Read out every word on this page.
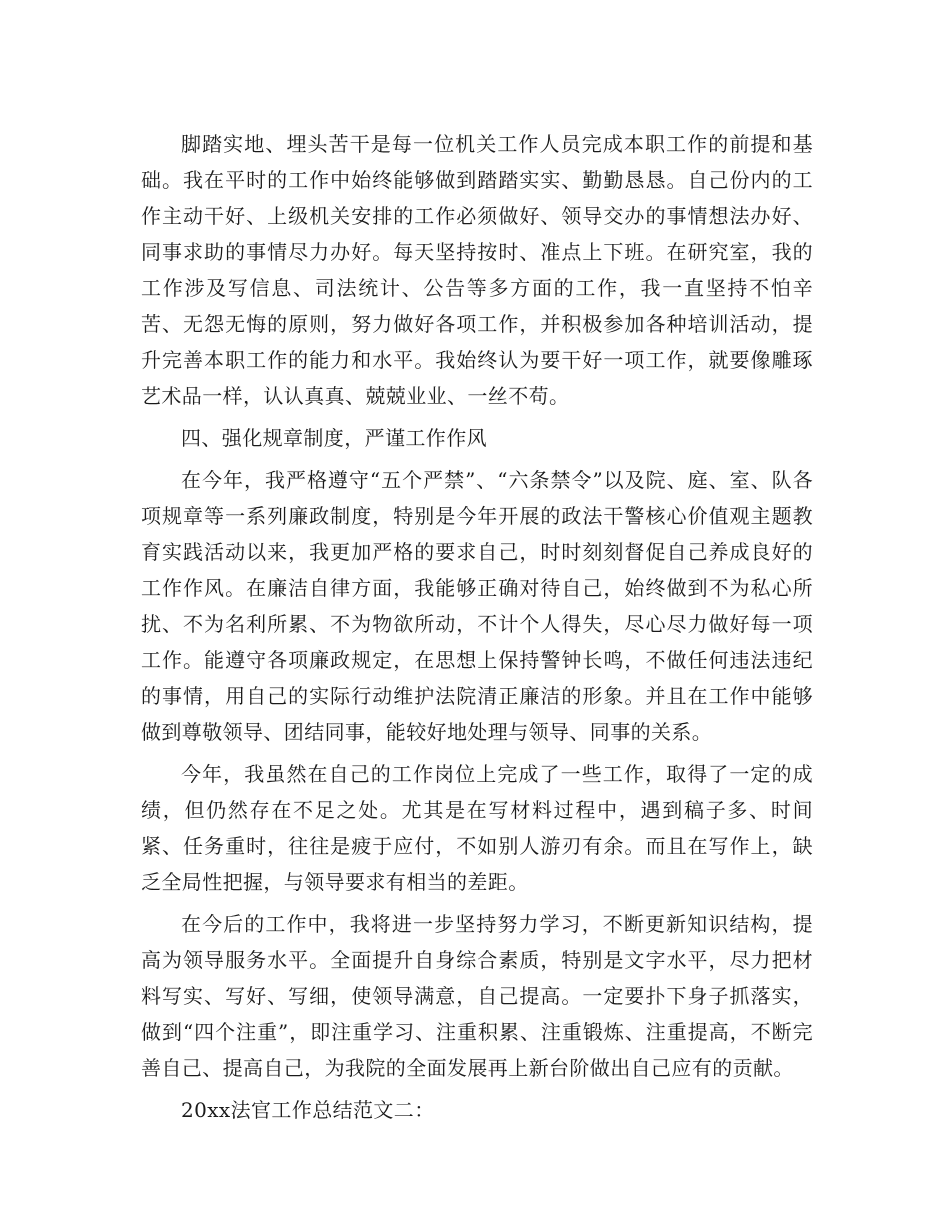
脚踏实地、埋头苦干是每一位机关工作人员完成本职工作的前提和基础。我在平时的工作中始终能够做到踏踏实实、勤勤恳恳。自己份内的工作主动干好、上级机关安排的工作必须做好、领导交办的事情想法办好、同事求助的事情尽力办好。每天坚持按时、准点上下班。在研究室，我的工作涉及写信息、司法统计、公告等多方面的工作，我一直坚持不怕辛苦、无怨无悔的原则，努力做好各项工作，并积极参加各种培训活动，提升完善本职工作的能力和水平。我始终认为要干好一项工作，就要像雕琢艺术品一样，认认真真、兢兢业业、一丝不苟。

四、强化规章制度，严谨工作作风

在今年，我严格遵守“五个严禁”、“六条禁令”以及院、庭、室、队各项规章等一系列廉政制度，特别是今年开展的政法干警核心价值观主题教育实践活动以来，我更加严格的要求自己，时时刻刻督促自己养成良好的工作作风。在廉洁自律方面，我能够正确对待自己，始终做到不为私心所扰、不为名利所累、不为物欲所动，不计个人得失，尽心尽力做好每一项工作。能遵守各项廉政规定，在思想上保持警钟长鸣，不做任何违法违纪的事情，用自己的实际行动维护法院清正廉洁的形象。并且在工作中能够做到尊敬领导、团结同事，能较好地处理与领导、同事的关系。

今年，我虽然在自己的工作岗位上完成了一些工作，取得了一定的成绩，但仍然存在不足之处。尤其是在写材料过程中，遇到稿子多、时间紧、任务重时，往往是疲于应付，不如别人游刃有余。而且在写作上，缺乏全局性把握，与领导要求有相当的差距。

在今后的工作中，我将进一步坚持努力学习，不断更新知识结构，提高为领导服务水平。全面提升自身综合素质，特别是文字水平，尽力把材料写实、写好、写细，使领导满意，自己提高。一定要扑下身子抓落实，做到“四个注重”，即注重学习、注重积累、注重锻炼、注重提高，不断完善自己、提高自己，为我院的全面发展再上新台阶做出自己应有的贡献。

20xx法官工作总结范文二：
